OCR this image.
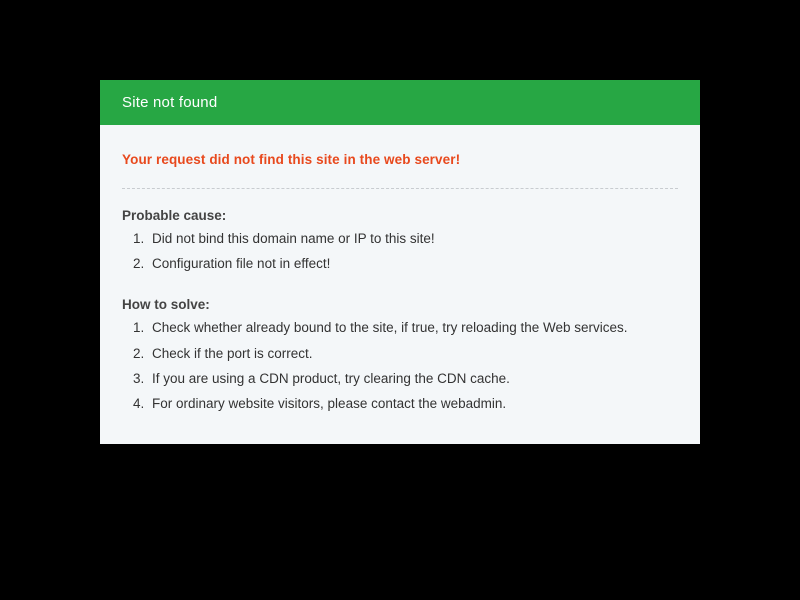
Site not found

Your request did not find this site in the web server!

Probable cause:
1. Did not bind this domain name or IP to this site!
2. Configuration file not in effect!
How to solve:
1. Check whether already bound to the site, if true, try reloading the Web services.
2. Check if the port is correct.
3. If you are using a CDN product, try clearing the CDN cache.
4. For ordinary website visitors, please contact the webadmin.
